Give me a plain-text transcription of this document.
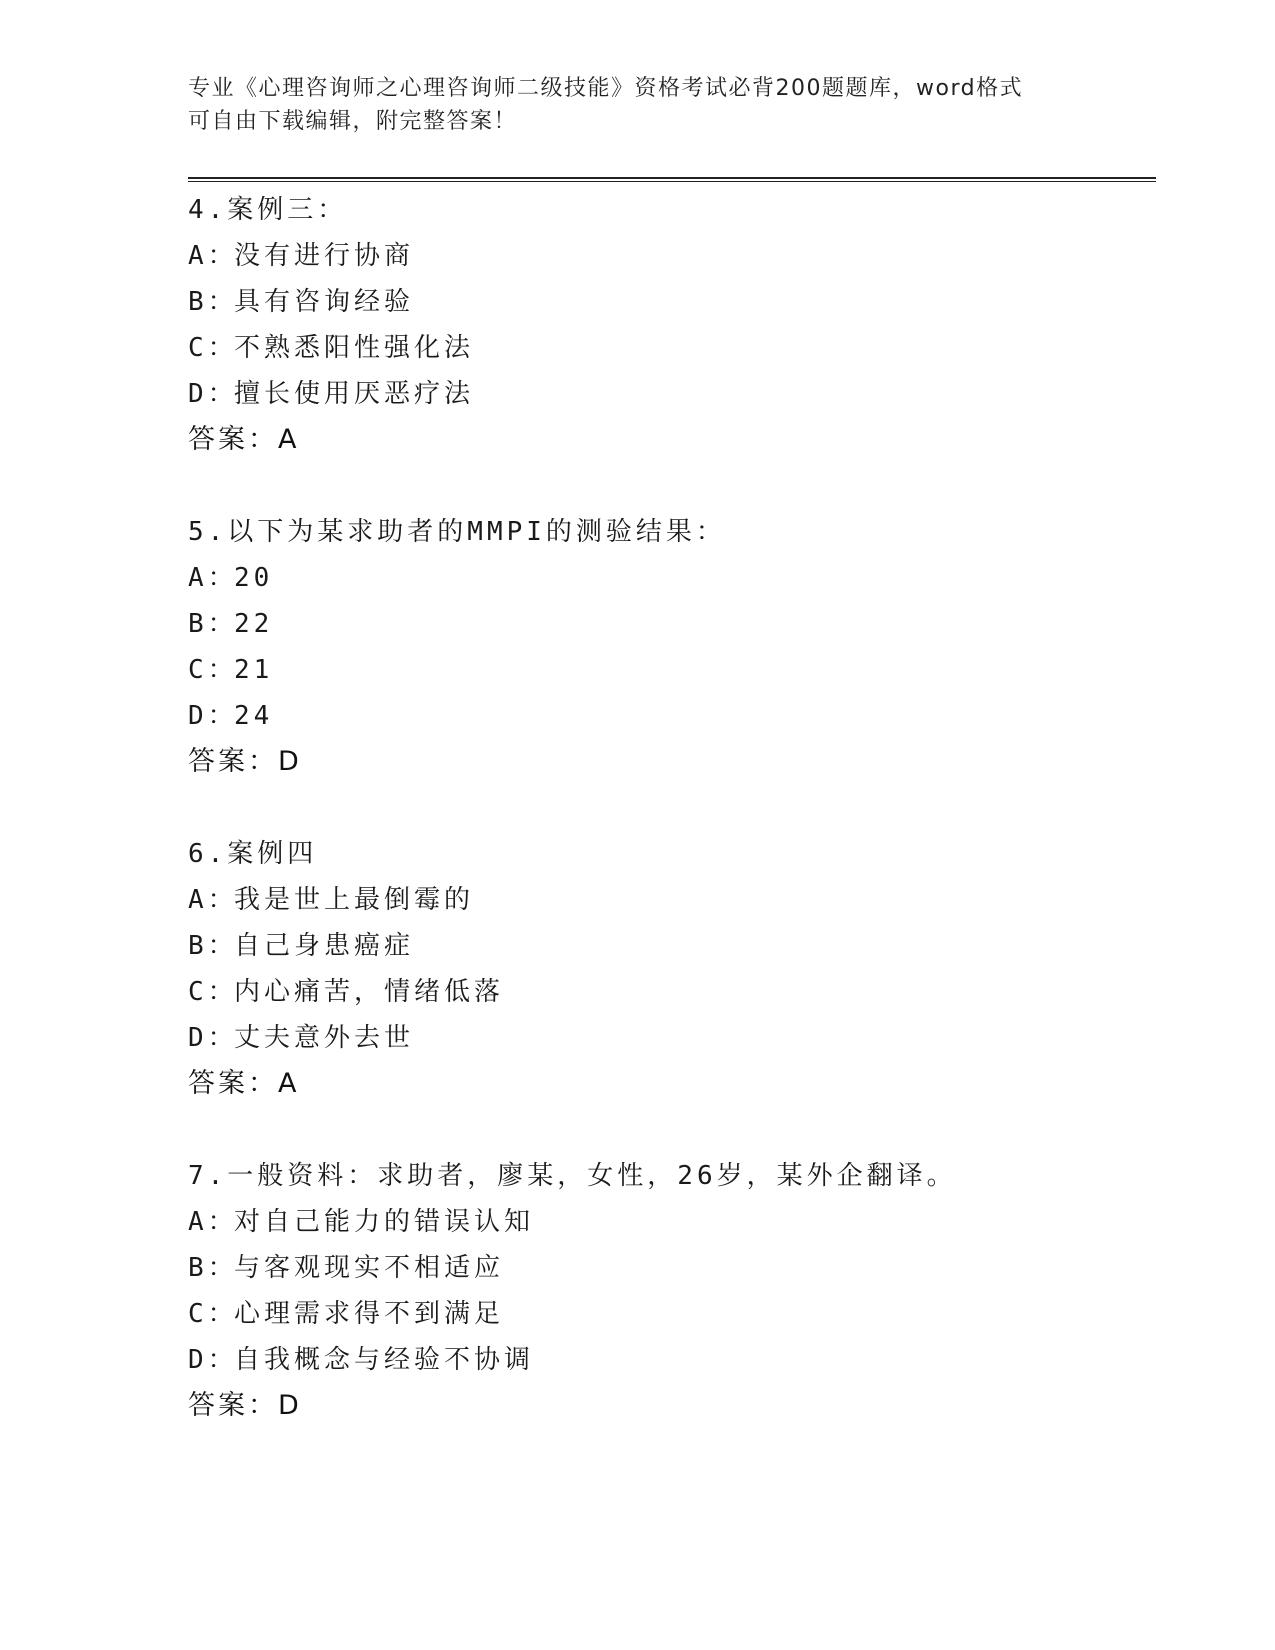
专业《心理咨询师之心理咨询师二级技能》资格考试必背200题题库，word格式
可自由下载编辑，附完整答案！
4.案例三：
A：没有进行协商
B：具有咨询经验
C：不熟悉阳性强化法
D：擅长使用厌恶疗法
答案：A
5.以下为某求助者的MMPI的测验结果：
A：20
B：22
C：21
D：24
答案：D
6.案例四
A：我是世上最倒霉的
B：自己身患癌症
C：内心痛苦，情绪低落
D：丈夫意外去世
答案：A
7.一般资料：求助者，廖某，女性，26岁，某外企翻译。
A：对自己能力的错误认知
B：与客观现实不相适应
C：心理需求得不到满足
D：自我概念与经验不协调
答案：D
